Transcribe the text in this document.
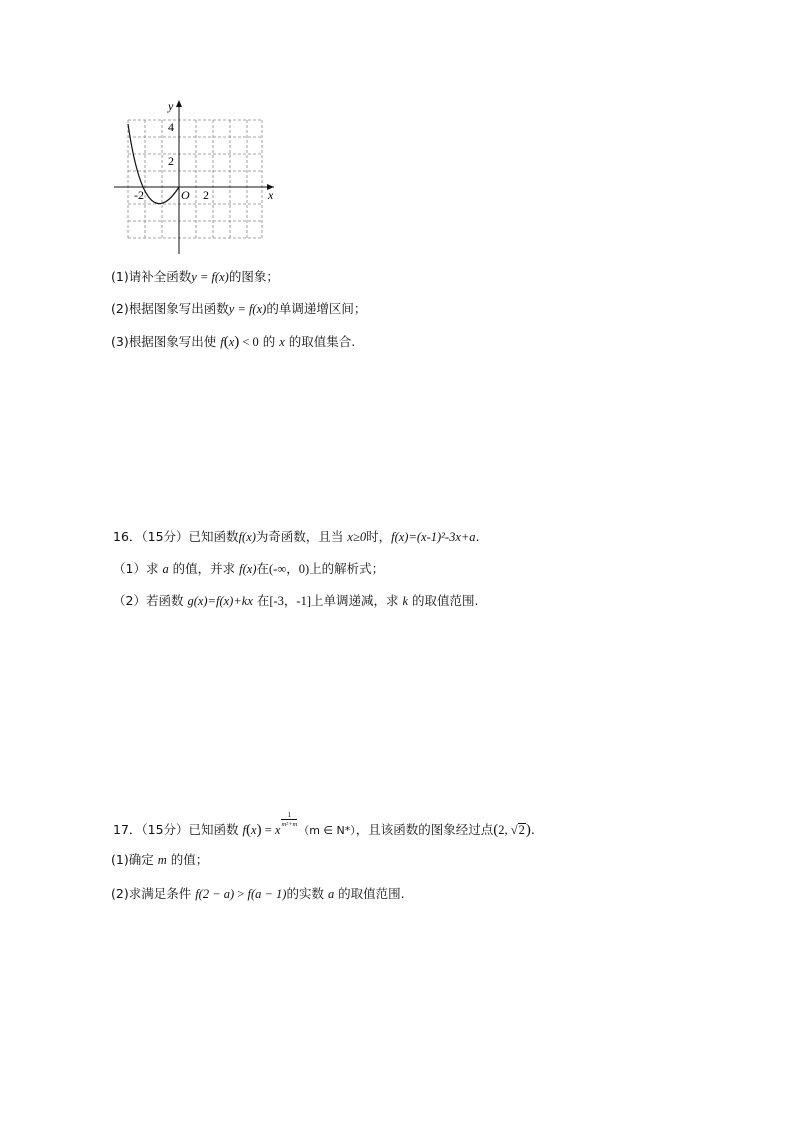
y
x
O
-2	2
4
2
(1)请补全函数y = f(x)的图象；
(2)根据图象写出函数y = f(x)的单调递增区间；
(3)根据图象写出使 f(x) < 0 的 x 的取值集合.
16．（15分）已知函数f(x)为奇函数，且当 x≥0时，f(x)=(x-1)²-3x+a.
（1）求 a 的值，并求 f(x)在(-∞，0)上的解析式；
（2）若函数 g(x)=f(x)+kx 在[-3，-1]上单调递减，求 k 的取值范围.
17．（15分）已知函数 f(x) = x
$\frac{1}{\text{m²+m}}$
（m ∈ N*），且该函数的图象经过点(2, √2).
(1)确定 m 的值；
(2)求满足条件 f(2 − a) > f(a − 1)的实数 a 的取值范围.
